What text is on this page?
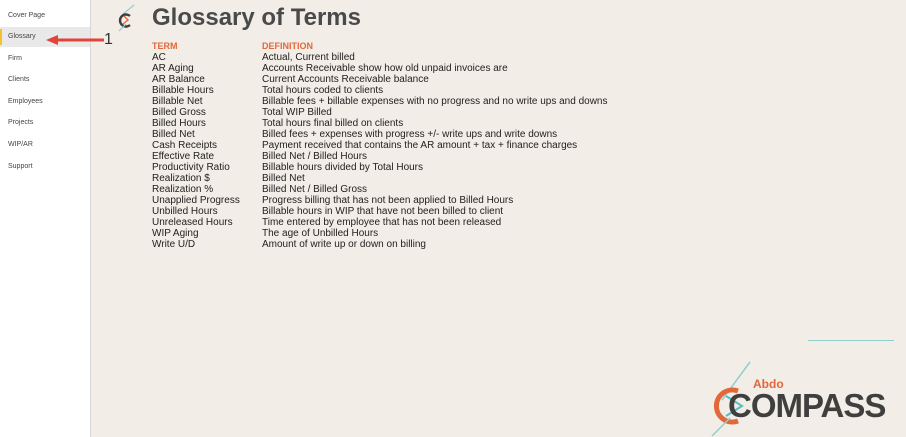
Cover Page
Glossary
Firm
Clients
Employees
Projects
WIP/AR
Support
1
Glossary of Terms
TERM	DEFINITION
AC	Actual, Current billed
AR Aging	Accounts Receivable show how old unpaid invoices are
AR Balance	Current Accounts Receivable balance
Billable Hours	Total hours coded to clients
Billable Net	Billable fees + billable expenses with no progress and no write ups and downs
Billed Gross	Total WIP Billed
Billed Hours	Total hours final billed on clients
Billed Net	Billed fees + expenses with progress +/- write ups and write downs
Cash Receipts	Payment received that contains the AR amount + tax + finance charges
Effective Rate	Billed Net / Billed Hours
Productivity Ratio	Billable hours divided by Total Hours
Realization $	Billed Net
Realization %	Billed Net / Billed Gross
Unapplied Progress	Progress billing that has not been applied to Billed Hours
Unbilled Hours	Billable hours in WIP that have not been billed to client
Unreleased Hours	Time entered by employee that has not been released
WIP Aging	The age of Unbilled Hours
Write U/D	Amount of write up or down on billing
Abdo
COMPASS
